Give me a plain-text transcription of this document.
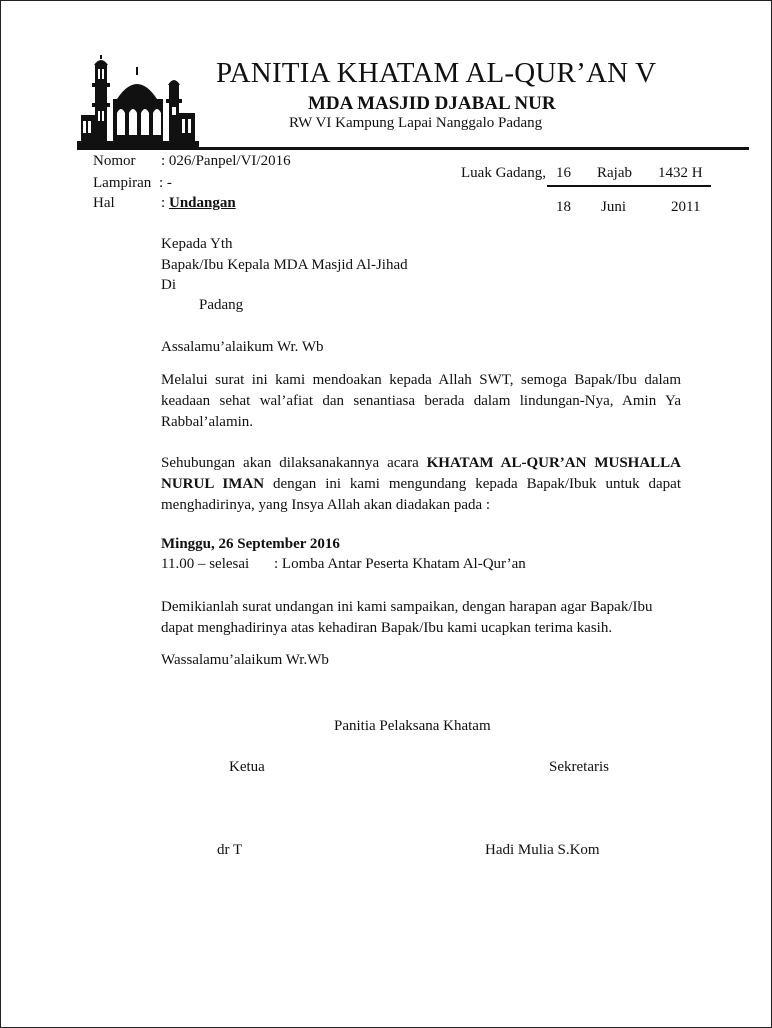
PANITIA KHATAM AL-QUR’AN V
MDA MASJID DJABAL NUR
RW VI Kampung Lapai Nanggalo Padang
Nomor : 026/Panpel/VI/2016
Lampiran : -
Hal	: Undangan
Luak Gadang, 16 Rajab 1432 H
18 Juni	2011
Kepada Yth
Bapak/Ibu Kepala MDA Masjid Al-Jihad
Di
Padang
Assalamu’alaikum Wr. Wb
Melalui surat ini kami mendoakan kepada Allah SWT, semoga Bapak/Ibu dalam keadaan sehat wal’afiat dan senantiasa berada dalam lindungan-Nya, Amin Ya Rabbal’alamin.
Sehubungan akan dilaksanakannya acara KHATAM AL-QUR’AN MUSHALLA NURUL IMAN dengan ini kami mengundang kepada Bapak/Ibuk untuk dapat menghadirinya, yang Insya Allah akan diadakan pada :
Minggu, 26 September 2016
11.00 – selesai : Lomba Antar Peserta Khatam Al-Qur’an
Demikianlah surat undangan ini kami sampaikan, dengan harapan agar Bapak/Ibu dapat menghadirinya atas kehadiran Bapak/Ibu kami ucapkan terima kasih.
Wassalamu’alaikum Wr.Wb
Panitia Pelaksana Khatam
Ketua	Sekretaris
dr T	Hadi Mulia S.Kom
